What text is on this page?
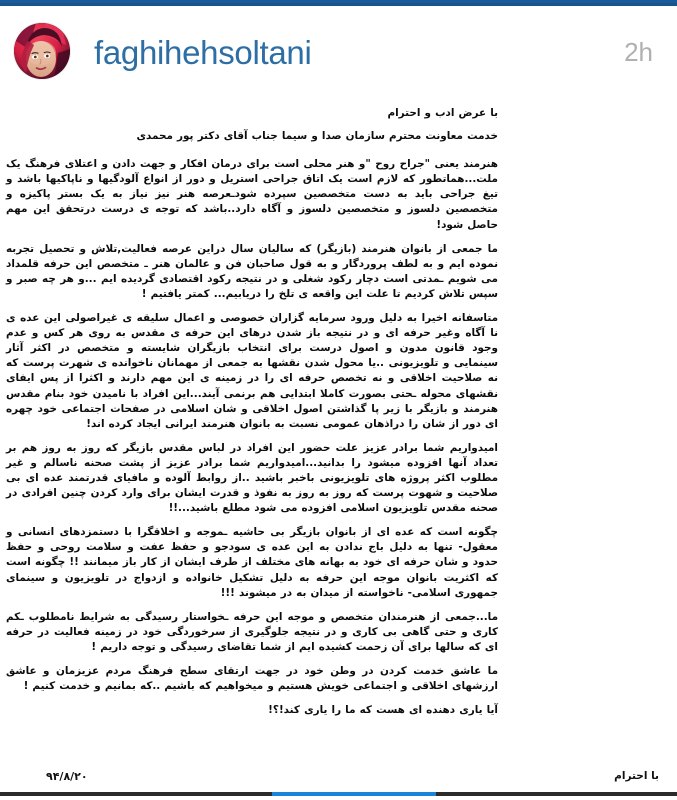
faghihehsoltani	2h

با عرض ادب و احترام

خدمت معاونت محترم سازمان صدا و سیما جناب آقای دکتر پور محمدی

هنرمند یعنی "جراح روح "و هنر محلی است برای درمان افکار و جهت دادن و اعتلای فرهنگ یک ملت...هماتطور که لازم است یک اتاق جراحی استریل و دور از انواع آلودگیها و ناپاکیها باشد و تیغ جراحی باید به دست متخصصین سپرده شودـعرصه هنر نیز نیاز به یک بستر پاکیزه و متخصصین دلسوز و متخصصین دلسوز و آگاه دارد..باشد که توجه ی درست درتحقق این مهم حاصل شود!

ما جمعی از بانوان هنرمند (بازیگر) که سالیان سال دراین عرصه فعالیت,تلاش و تحصیل تجربه نموده ایم و به لطف پروردگار و به قول صاحبان فن و عالمان هنر ـ متخصص این حرفه قلمداد می شویم ـمدتی است دچار رکود شغلی و در نتیجه رکود اقتصادی گردیده ایم ...و هر چه صبر و سپس تلاش کردیم تا علت این واقعه ی تلخ را دریابیم... کمتر یافتیم !

متاسفانه اخیرا به دلیل ورود سرمایه گزاران خصوصی و اعمال سلیقه ی غیراصولی این عده ی نا آگاه وغیر حرفه ای و در نتیجه باز شدن درهای این حرفه ی مقدس به روی هر کس و عدم وجود قانون مدون و اصول درست برای انتخاب بازیگران شایسته و متخصص در اکثر آثار سینمایی و تلویزیونی ..یا محول شدن نقشها به جمعی از مهمانان ناخوانده ی شهرت پرست که نه صلاحیت اخلاقی و نه تخصص حرفه ای را در زمینه ی این مهم دارند و اکثرا از پس ایفای نقشهای محوله ـحتی بصورت کاملا ابتدایی هم برنمی آیند...این افراد با نامیدن خود بنام مقدس هنرمند و بازیگر با زیر پا گذاشتن اصول اخلاقی و شان اسلامی در صفحات اجتماعی خود چهره ای دور از شان را دراذهان عمومی نسبت به بانوان هنرمند ایرانی ایجاد کرده اند!

امیدواریم شما برادر عزیز علت حضور این افراد در لباس مقدس بازیگر که روز به روز هم بر تعداد آنها افزوده میشود را بدانید...امیدواریم شما برادر عزیز از پشت صحنه ناسالم و غیر مطلوب اکثر پروژه های تلویزیونی باخبر باشید ..از روابط آلوده و مافیای قدرتمند عده ای بی صلاحیت و شهوت پرست که روز به روز به نفوذ و قدرت ایشان برای وارد کردن چنین افرادی در صحنه مقدس تلویزیون اسلامی افزوده می شود مطلع باشید...!!

چگونه است که عده ای از بانوان بازیگر بی حاشیه ـموجه و اخلاقگرا با دستمزدهای انسانی و معقول- تنها به دلیل باج ندادن به این عده ی سودجو و حفظ عفت و سلامت روحی و حفظ حدود و شان حرفه ای خود به بهانه های مختلف از طرف ایشان از کار باز میمانند !! چگونه است که اکثریت بانوان موجه این حرفه به دلیل تشکیل خانواده و ازدواج در تلویزیون و سینمای جمهوری اسلامی- ناخواسته از میدان به در میشوند !!!

ما...جمعی از هنرمندان متخصص و موجه این حرفه ـخواستار رسیدگی به شرایط نامطلوب ـکم کاری و حتی گاهی بی کاری و در نتیجه جلوگیری از سرخوردگی خود در زمینه فعالیت در حرفه ای که سالها برای آن زحمت کشیده ایم از شما تقاضای رسیدگی و توجه داریم !

ما عاشق خدمت کردن در وطن خود در جهت ارتقای سطح فرهنگ مردم عزیزمان و عاشق ارزشهای اخلاقی و اجتماعی خویش هستیم و میخواهیم که باشیم ..که بمانیم و خدمت کنیم !

آیا یاری دهنده ای هست که ما را یاری کند!؟!

۹۴/۸/۲۰	با احترام
